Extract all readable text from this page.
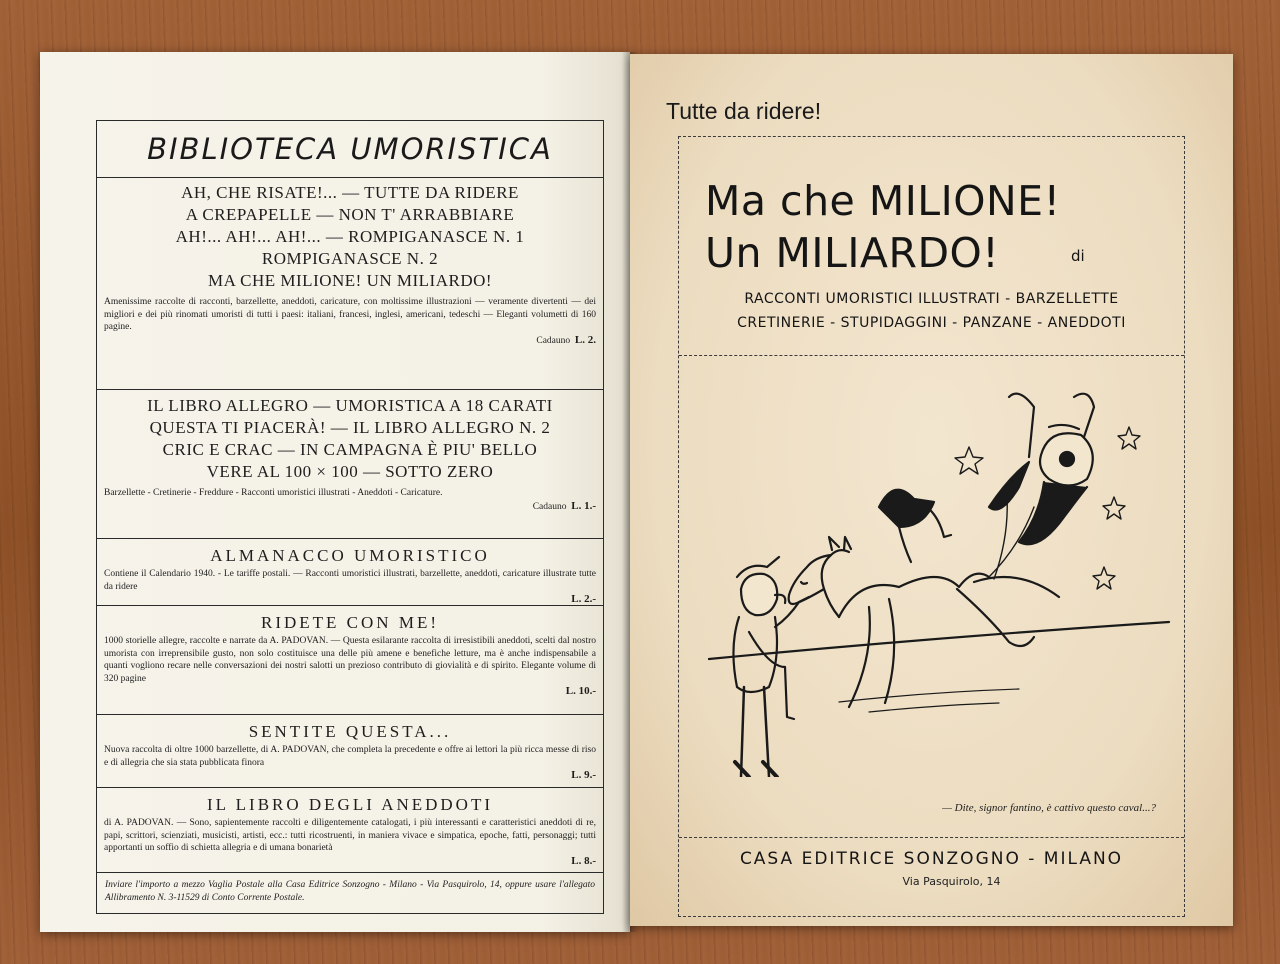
BIBLIOTECA UMORISTICA

AH, CHE RISATE!... — TUTTE DA RIDERE

A CREPAPELLE — NON T' ARRABBIARE

AH!... AH!... AH!... — ROMPIGANASCE N. 1

ROMPIGANASCE N. 2

MA CHE MILIONE! UN MILIARDO!

Amenissime raccolte di racconti, barzellette, aneddoti, caricature, con moltissime illustrazioni — veramente divertenti — dei migliori e dei più rinomati umoristi di tutti i paesi: italiani, francesi, inglesi, americani, tedeschi — Eleganti volumetti di 160 pagine.

Cadauno L. 2.

IL LIBRO ALLEGRO — UMORISTICA A 18 CARATI

QUESTA TI PIACERÀ! — IL LIBRO ALLEGRO N. 2

CRIC E CRAC — IN CAMPAGNA È PIU' BELLO

VERE AL 100 × 100 — SOTTO ZERO

Barzellette - Cretinerie - Freddure - Racconti umoristici illustrati - Aneddoti - Caricature.

Cadauno L. 1.-

ALMANACCO UMORISTICO

Contiene il Calendario 1940. - Le tariffe postali. — Racconti umoristici illustrati, barzellette, aneddoti, caricature illustrate tutte da ridere

L. 2.-

RIDETE CON ME!

1000 storielle allegre, raccolte e narrate da A. PADOVAN. — Questa esilarante raccolta di irresistibili aneddoti, scelti dal nostro umorista con irreprensibile gusto, non solo costituisce una delle più amene e benefiche letture, ma è anche indispensabile a quanti vogliono recare nelle conversazioni dei nostri salotti un prezioso contributo di giovialità e di spirito. Elegante volume di 320 pagine

L. 10.-

SENTITE QUESTA...

Nuova raccolta di oltre 1000 barzellette, di A. PADOVAN, che completa la precedente e offre ai lettori la più ricca messe di riso e di allegria che sia stata pubblicata finora

L. 9.-

IL LIBRO DEGLI ANEDDOTI

di A. PADOVAN. — Sono, sapientemente raccolti e diligentemente catalogati, i più interessanti e caratteristici aneddoti di re, papi, scrittori, scienziati, musicisti, artisti, ecc.: tutti ricostruenti, in maniera vivace e simpatica, epoche, fatti, personaggi; tutti apportanti un soffio di schietta allegria e di umana bonarietà

L. 8.-
Inviare l'importo a mezzo Vaglia Postale alla Casa Editrice Sonzogno - Milano - Via Pasquirolo, 14, oppure usare l'allegato Allibramento N. 3-11529 di Conto Corrente Postale.
Tutte da ridere!
Ma che MILIONE!
Un MILIARDO!	di
RACCONTI UMORISTICI ILLUSTRATI - BARZELLETTE
CRETINERIE - STUPIDAGGINI - PANZANE - ANEDDOTI
— Dite, signor fantino, è cattivo questo caval...?
CASA EDITRICE SONZOGNO - MILANO
Via Pasquirolo, 14
